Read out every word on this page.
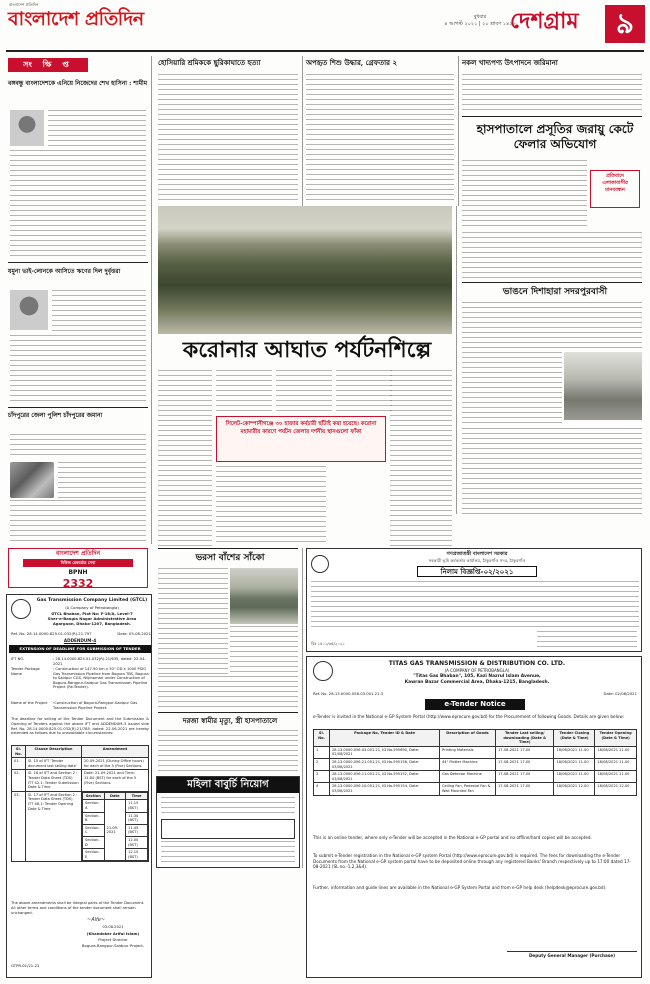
বাংলাদেশ প্রতিদিন
বাংলাদেশ প্রতিদিন	বুধবার
৪ আগস্ট ২০২১ | ২০ শ্রাবণ ১৪২৮
দেশগ্রাম	৯
সং ক্ষি প্ত
বঙ্গবন্ধু বাংলাদেশকে এনিয়ে নিজেদের শেখ হাসিনা : শামীম
যমুনা ভাই-লোনকে আসিতে ঋণের দিল দুর্বৃত্তরা
চাঁদপুরের জেলা পুলিশ চাঁদপুরের জমানা
হোসিয়ারি শ্রমিককে ছুরিকাঘাতে হত্যা	অপহৃত শিশু উদ্ধার, গ্রেফতার ২	নকল খাদ্যপণ্য উৎপাদনে জরিমানা
হাসপাতালে প্রসূতির জরায়ু কেটে ফেলার অভিযোগ
প্রতিবাদে এলাকাবাসীর মানববন্ধন
ভাঙনে দিশাহারা সদরপুরবাসী
করোনার আঘাত পর্যটনশিল্পে
সিলেট-কোম্পানীগঞ্জে ৩০ হাজার কর্মচারী ছাঁটাই করা হয়েছে। করোনা মহামারীর কারণে পর্যটন জেলার দর্শনীয় স্থানগুলো ফাঁকা
বাংলাদেশ প্রতিদিন
নিউজ রেকর্ডেড সেবা
BPNH
2332
ভরসা বাঁশের সাঁকো
দরজা স্বামীর মৃত্যু, স্ত্রী হাসপাতালে
মহিলা বাবুর্চি নিয়োগ
Gas Transmission Company Limited (GTCL)
(A Company of Petrobangla)
GTCL Bhaban, Plot No: F-18/A, Level-7
Sher-e-Bangla Nagar Administrative Area
Agargaon, Dhaka-1207, Bangladesh.
Ref. No. 28.14.0000.825.01.032(R).21.797	Date: 05-08-2021
ADDENDUM-4
EXTENSION OF DEADLINE FOR SUBMISSION OF TENDER
IFT NO.	: 28.14.0000.825.01.032(R).21/635, dated: 22-04-2021
Tender Package Name
: Construction of 147.50 km x 30" OD x 1000 PSIG Gas Transmission Pipeline from Bogura TBS, Bogura to Saidpur CGS, Nilphamari under Construction of Bogura-Rangpur-Saidpur Gas Transmission Pipeline Project (Re-Tender).
Name of the Project	:Construction of Bogura-Rangpur-Saidpur Gas Transmission Pipeline Project.
The deadline for selling of the Tender Document and the Submission & Opening of Tenders against the above IFT and ADDENDUM-3 issued vide Ref. No. 28.14.0000.825.01.032(R).21/785, dated: 22-06-2021 are hereby extended as follows due to unavoidable circumstances:
Sl. No.	Clause Description	Amendment
01.	Sl. 15 of IFT 'Tender document last selling date'	20-09-2021 (During Office hours) for each of the 5 (Five) Sections.
02.	Sl. 16 of IFT and Section 2 : Tender Data Sheet (TDS) ITT 42.1: Tender Submission Date & Time	Date: 21-09-2021 and Time: 11:00 (BST) for each of the 5 (Five) Sections.
03.	Sl. 17 of IFT and Section 2 : Tender Data Sheet (TDS) ITT 48.1: Tender Opening Date & Time	
Section	Date	Time
Section-A	21-09-2021	11.15 (BST)
Section-B	11.30 (BST)
Section-C	11.45 (BST)
Section-D	12.00 (BST)
Section-E	12.15 (BST)
The above amendments shall be integral parts of the Tender Document. All other terms and conditions of the tender document shall remain unchanged.
~Alfe~
03-08-2021
(Khandoker Ariful Islam)
Project Director
Bogura-Rangpur-Saidpur Project.
GTPR-01/21-22
গণপ্রজাতন্ত্রী বাংলাদেশ সরকার
সহকারী ভূমি কর্মকর্তার কার্যালয়, ঠাকুরগাঁও সদর, ঠাকুরগাঁও
নিলাম বিজ্ঞপ্তি-০২/২০২১
বিঃ ১৫০১/৩৫/২০২১
TITAS GAS TRANSMISSION & DISTRIBUTION CO. LTD.
(A COMPANY OF PETROBANGLA)
"Titas Gas Bhaban", 105, Kazi Nazrul Islam Avenue,
Kawran Bazar Commercial Area, Dhaka-1215, Bangladesh.
Ref. No. 28.13.0000.056.03.001.21.3	Date: 02/08/2021
e-Tender Notice
e-Tender is invited in the National e-GP System Portal (http://www.eprocure.gov.bd) for the Procurement of following Goods. Details are given below:
Sl. No.	Package No, Tender ID & Date	Description of Goods	Tender Last selling/ downloading (Date & Time)	Tender Closing (Date & Time)	Tender Opening (Date & Time)
1	28.13.0000.056.03.001.21, ID No.595690, Date: 02/08/2021	Printing Materials	17-08-2021 17.00	18/08/2021 11.00	18/08/2021 11.00
2	28.13.0000.056.21.001.21, ID No.595156, Date: 03/08/2021	44" Plotter Machine	17-08-2021 17.00	18/08/2021 11.00	18/08/2021 11.00
3	28.13.0000.056.11.001.21, ID No.595152, Date: 03/08/2021	Gas Detector Machine	17-08-2021 17.00	18/08/2021 11.00	18/08/2021 11.00
4	28.13.0000.056.10.001.21, ID No.595154, Date: 03/08/2021	Ceiling Fan, Pedestal Fan & Wall Mounted Fan	17-08-2021 17.00	18/08/2021 12.00	18/08/2021 12.00
This is an online tender, where only e-Tender will be accepted in the National e-GP portal and no offline/hard copies will be accepted.
To submit e-Tender registration in the National e-GP system Portal (http://www.eprocure.gov.bd) is required. The fees for downloading the e-Tender Documents from the National e-GP system portal have to be deposited online through any registered Banks' Branch respectively up to 17:00 dated 17-08-2021 (SL no.-1,2,3&4).
Further, information and guide lines are available in the National e-GP System Portal and from e-GP help desk (helpdesk@eprocure.gov.bd).
Deputy General Manager (Purchase)
